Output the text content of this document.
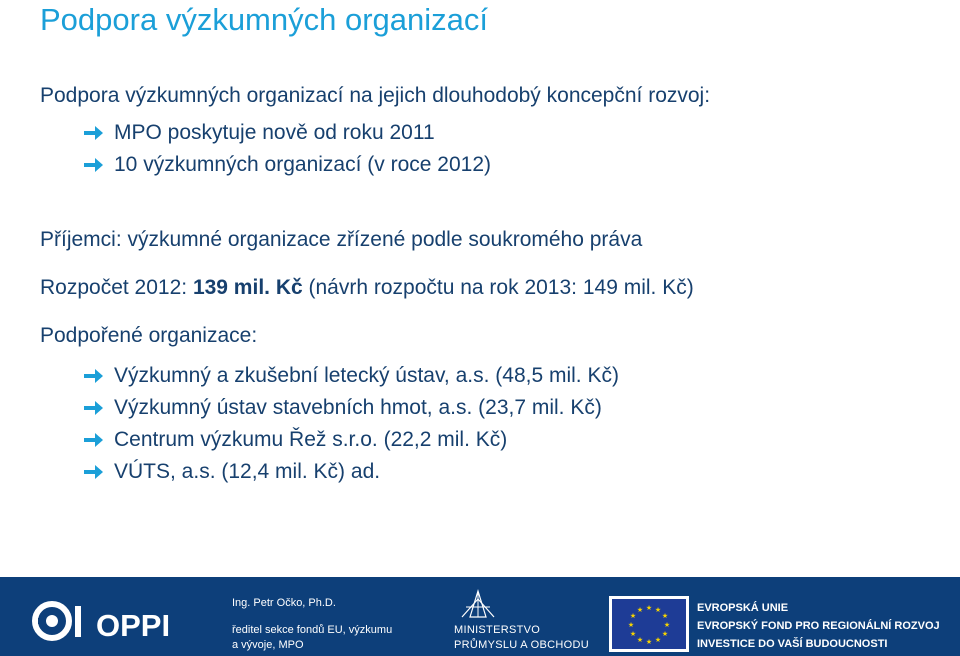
Podpora výzkumných organizací
Podpora výzkumných organizací na jejich dlouhodobý koncepční rozvoj:
MPO poskytuje nově od roku 2011
10 výzkumných organizací (v roce 2012)
Příjemci: výzkumné organizace zřízené podle soukromého práva
Rozpočet 2012: 139 mil. Kč (návrh rozpočtu na rok 2013: 149 mil. Kč)
Podpořené organizace:
Výzkumný a zkušební letecký ústav, a.s. (48,5 mil. Kč)
Výzkumný ústav stavebních hmot, a.s. (23,7 mil. Kč)
Centrum výzkumu Řež s.r.o. (22,2 mil. Kč)
VÚTS, a.s. (12,4 mil. Kč) ad.
OPPI
Ing. Petr Očko, Ph.D.
ředitel sekce fondů EU, výzkumu
a vývoje, MPO
MINISTERSTVO
PRŮMYSLU A OBCHODU
★ ★
★
★
★
★
★
★
★
★
★
★	EVROPSKÁ UNIE
EVROPSKÝ FOND PRO REGIONÁLNÍ ROZVOJ
INVESTICE DO VAŠÍ BUDOUCNOSTI
